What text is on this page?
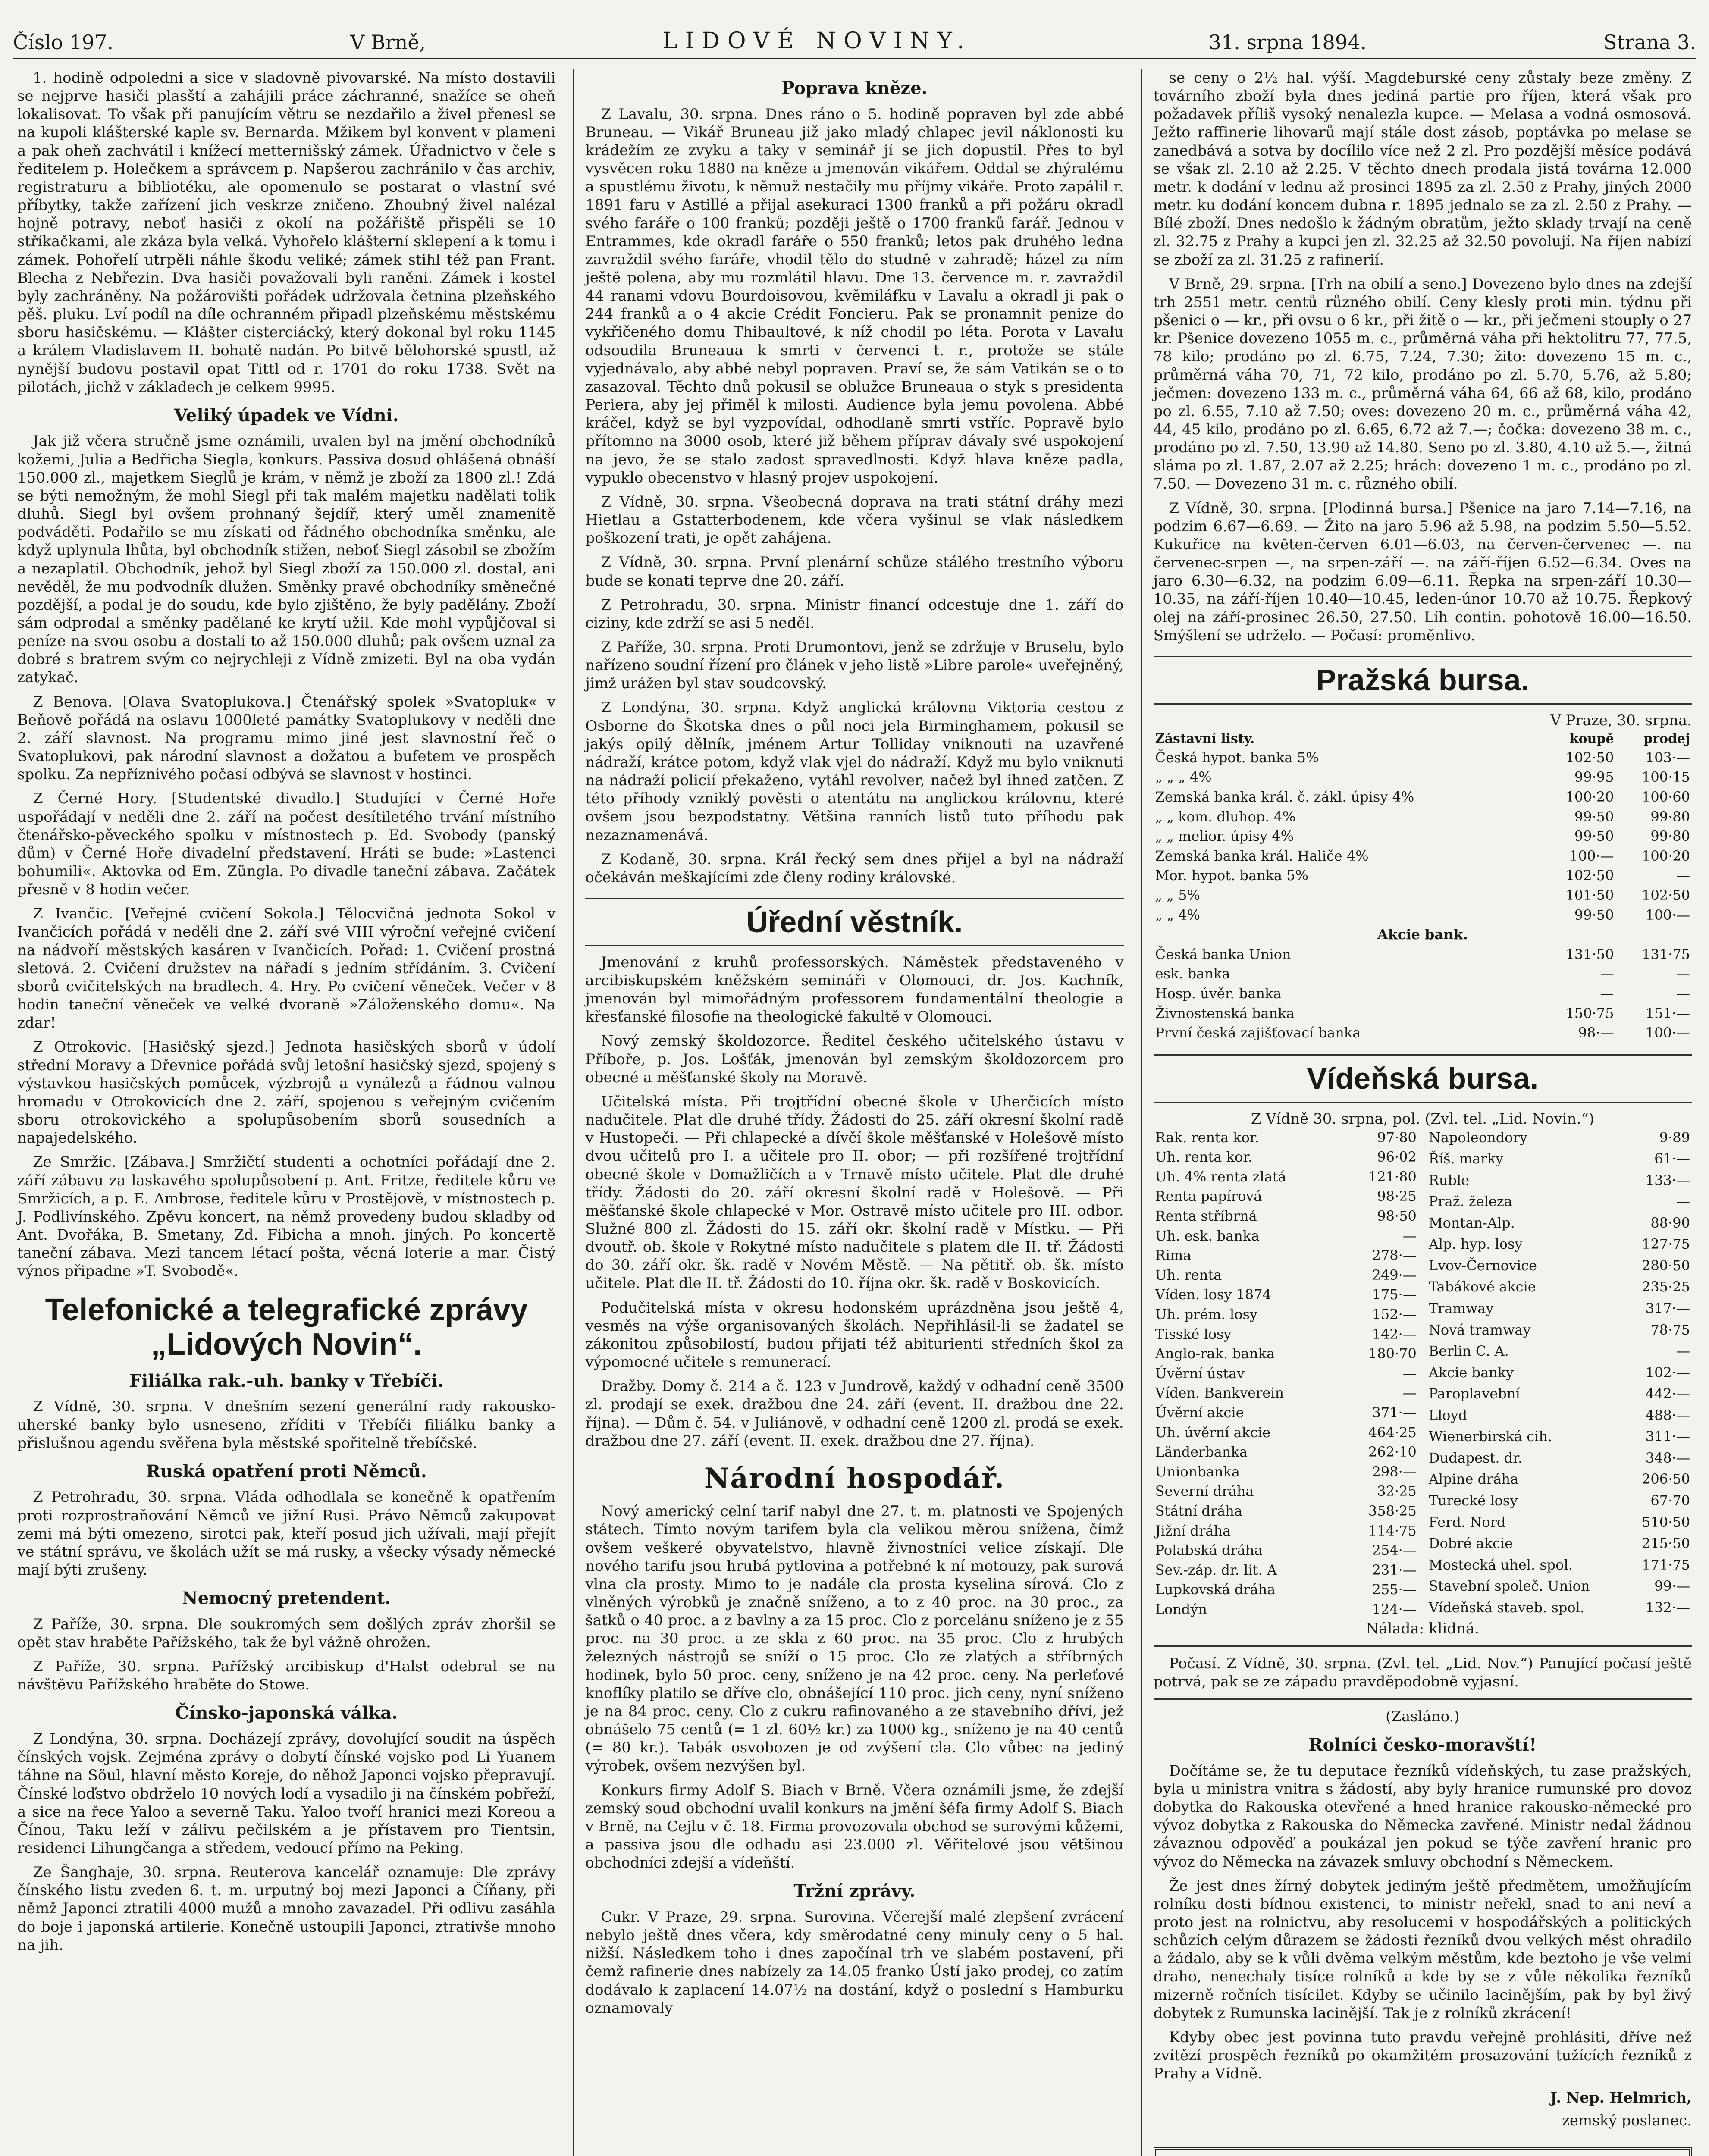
Číslo 197.	V Brně,	LIDOVÉ NOVINY.	31. srpna 1894.	Strana 3.

1. hodině odpoledni a sice v sladovně pivovarské. Na místo dostavili se nejprve hasiči plasští a zahájili práce záchranné, snažíce se oheň lokalisovat. To však při panujícím větru se nezdařilo a živel přenesl se na kupoli klášterské kaple sv. Bernarda. Mžikem byl konvent v plameni a pak oheň zachvátil i knížecí metternišský zámek. Úřadnictvo v čele s ředitelem p. Holečkem a správcem p. Napšerou zachránilo v čas archiv, registraturu a bibliotéku, ale opomenulo se postarat o vlastní své příbytky, takže zařízení jich veskrze zničeno. Zhoubný živel nalézal hojně potravy, neboť hasiči z okolí na požářiště přispěli se 10 stříkačkami, ale zkáza byla velká. Vyhořelo klášterní sklepení a k tomu i zámek. Pohořelí utrpěli náhle škodu veliké; zámek stihl též pan Frant. Blecha z Nebřezin. Dva hasiči považovali byli raněni. Zámek i kostel byly zachráněny. Na požárovišti pořádek udržovala četnina plzeňského pěš. pluku. Lví podíl na díle ochranném připadl plzeňskému městskému sboru hasičskému. — Klášter cisterciácký, který dokonal byl roku 1145 a králem Vladislavem II. bohatě nadán. Po bitvě bělohorské spustl, až nynější budovu postavil opat Tittl od r. 1701 do roku 1738. Svět na pilotách, jichž v základech je celkem 9995.

Veliký úpadek ve Vídni.

Jak již včera stručně jsme oznámili, uvalen byl na jmění obchodníků kožemi, Julia a Bedřicha Siegla, konkurs. Passiva dosud ohlášená obnáší 150.000 zl., majetkem Sieglů je krám, v němž je zboží za 1800 zl.! Zdá se býti nemožným, že mohl Siegl při tak malém majetku nadělati tolik dluhů. Siegl byl ovšem prohnaný šejdíř, který uměl znamenitě podváděti. Podařilo se mu získati od řádného obchodníka směnku, ale když uplynula lhůta, byl obchodník stižen, neboť Siegl zásobil se zbožím a nezaplatil. Obchodník, jehož byl Siegl zboží za 150.000 zl. dostal, ani nevěděl, že mu podvodník dlužen. Směnky pravé obchodníky směnečné pozdější, a podal je do soudu, kde bylo zjištěno, že byly padělány. Zboží sám odprodal a směnky padělané ke krytí užil. Kde mohl vypůjčoval si peníze na svou osobu a dostali to až 150.000 dluhů; pak ovšem uznal za dobré s bratrem svým co nejrychleji z Vídně zmizeti. Byl na oba vydán zatykač.

Z Benova. [Olava Svatoplukova.] Čtenářský spolek »Svatopluk« v Beňově pořádá na oslavu 1000leté památky Svatoplukovy v neděli dne 2. září slavnost. Na programu mimo jiné jest slavnostní řeč o Svatoplukovi, pak národní slavnost a dožatou a bufetem ve prospěch spolku. Za nepříznivého počasí odbývá se slavnost v hostinci.

Z Černé Hory. [Studentské divadlo.] Studující v Černé Hoře uspořádají v neděli dne 2. září na počest desítiletého trvání místního čtenářsko-pěveckého spolku v místnostech p. Ed. Svobody (panský dům) v Černé Hoře divadelní představení. Hráti se bude: »Lastenci bohumili«. Aktovka od Em. Züngla. Po divadle taneční zábava. Začátek přesně v 8 hodin večer.

Z Ivančic. [Veřejné cvičení Sokola.] Tělocvičná jednota Sokol v Ivančicích pořádá v neděli dne 2. září své VIII výroční veřejné cvičení na nádvoří městských kasáren v Ivančicích. Pořad: 1. Cvičení prostná sletová. 2. Cvičení družstev na nářadí s jedním střídáním. 3. Cvičení sborů cvičitelských na bradlech. 4. Hry. Po cvičení věneček. Večer v 8 hodin taneční věneček ve velké dvoraně »Záloženského domu«. Na zdar!

Z Otrokovic. [Hasičský sjezd.] Jednota hasičských sborů v údolí střední Moravy a Dřevnice pořádá svůj letošní hasičský sjezd, spojený s výstavkou hasičských pomůcek, výzbrojů a vynálezů a řádnou valnou hromadu v Otrokovicích dne 2. září, spojenou s veřejným cvičením sboru otrokovického a spolupůsobením sborů sousedních a napajedelského.

Ze Smržic. [Zábava.] Smržičtí studenti a ochotníci pořádají dne 2. září zábavu za laskavého spolupůsobení p. Ant. Fritze, ředitele kůru ve Smržicích, a p. E. Ambrose, ředitele kůru v Prostějově, v místnostech p. J. Podlivínského. Zpěvu koncert, na němž provedeny budou skladby od Ant. Dvořáka, B. Smetany, Zd. Fibicha a mnoh. jiných. Po koncertě taneční zábava. Mezi tancem létací pošta, věcná loterie a mar. Čistý výnos připadne »T. Svobodě«.

Telefonické a telegrafické zprávy „Lidových Novin“.
Filiálka rak.-uh. banky v Třebíči.

Z Vídně, 30. srpna. V dnešním sezení generální rady rakousko-uherské banky bylo usneseno, zříditi v Třebíči filiálku banky a přislušnou agendu svěřena byla městské spořitelně třebíčské.

Ruská opatření proti Němců.

Z Petrohradu, 30. srpna. Vláda odhodlala se konečně k opatřením proti rozprostraňování Němců ve jižní Rusi. Právo Němců zakupovat zemi má býti omezeno, sirotci pak, kteří posud jich užívali, mají přejít ve státní správu, ve školách užít se má rusky, a všecky výsady německé mají býti zrušeny.

Nemocný pretendent.

Z Paříže, 30. srpna. Dle soukromých sem došlých zpráv zhoršil se opět stav hraběte Pařížského, tak že byl vážně ohrožen.

Z Paříže, 30. srpna. Pařížský arcibiskup d'Halst odebral se na návštěvu Pařížského hraběte do Stowe.

Čínsko-japonská válka.

Z Londýna, 30. srpna. Docházejí zprávy, dovolující soudit na úspěch čínských vojsk. Zejména zprávy o dobytí čínské vojsko pod Li Yuanem táhne na Söul, hlavní město Koreje, do něhož Japonci vojsko přepravují. Čínské loďstvo obdrželo 10 nových lodí a vysadilo ji na čínském pobřeží, a sice na řece Yaloo a severně Taku. Yaloo tvoří hranici mezi Koreou a Čínou, Taku leží v zálivu pečilském a je přístavem pro Tientsin, residenci Lihungčanga a středem, vedoucí přímo na Peking.

Ze Šanghaje, 30. srpna. Reuterova kancelář oznamuje: Dle zprávy čínského listu zveden 6. t. m. urputný boj mezi Japonci a Číňany, při němž Japonci ztratili 4000 mužů a mnoho zavazadel. Při odlivu zasáhla do boje i japonská artilerie. Konečně ustoupili Japonci, ztrativše mnoho na jih.

Poprava kněze.

Z Lavalu, 30. srpna. Dnes ráno o 5. hodině popraven byl zde abbé Bruneau. — Vikář Bruneau již jako mladý chlapec jevil náklonosti ku krádežím ze zvyku a taky v seminář jí se jich dopustil. Přes to byl vysvěcen roku 1880 na kněze a jmenován vikářem. Oddal se zhýralému a spustlému životu, k němuž nestačily mu příjmy vikáře. Proto zapálil r. 1891 faru v Astillé a přijal asekuraci 1300 franků a při požáru okradl svého faráře o 100 franků; později ještě o 1700 franků farář. Jednou v Entrammes, kde okradl faráře o 550 franků; letos pak druhého ledna zavraždil svého faráře, vhodil tělo do studně v zahradě; házel za ním ještě polena, aby mu rozmlátil hlavu. Dne 13. července m. r. zavraždil 44 ranami vdovu Bourdoisovou, kvěmiláfku v Lavalu a okradl ji pak o 244 franků a o 4 akcie Crédit Foncieru. Pak se pronamnit penize do vykřičeného domu Thibaultové, k níž chodil po léta. Porota v Lavalu odsoudila Bruneaua k smrti v červenci t. r., protože se stále vyjednávalo, aby abbé nebyl popraven. Praví se, že sám Vatikán se o to zasazoval. Těchto dnů pokusil se oblužce Bruneaua o styk s presidenta Periera, aby jej přiměl k milosti. Audience byla jemu povolena. Abbé kráčel, když se byl vyzpovídal, odhodlaně smrti vstříc. Popravě bylo přítomno na 3000 osob, které již během příprav dávaly své uspokojení na jevo, že se stalo zadost spravedlnosti. Když hlava kněze padla, vypuklo obecenstvo v hlasný projev uspokojení.

Z Vídně, 30. srpna. Všeobecná doprava na trati státní dráhy mezi Hietlau a Gstatterbodenem, kde včera vyšinul se vlak následkem poškození trati, je opět zahájena.

Z Vídně, 30. srpna. První plenární schůze stálého trestního výboru bude se konati teprve dne 20. září.

Z Petrohradu, 30. srpna. Ministr financí odcestuje dne 1. září do ciziny, kde zdrží se asi 5 neděl.

Z Paříže, 30. srpna. Proti Drumontovi, jenž se zdržuje v Bruselu, bylo nařízeno soudní řízení pro článek v jeho listě »Libre parole« uveřejněný, jimž urážen byl stav soudcovský.

Z Londýna, 30. srpna. Když anglická královna Viktoria cestou z Osborne do Škotska dnes o půl noci jela Birminghamem, pokusil se jakýs opilý dělník, jménem Artur Tolliday vniknouti na uzavřené nádraží, krátce potom, když vlak vjel do nádraží. Když mu bylo vniknuti na nádraží policií překaženo, vytáhl revolver, načež byl ihned zatčen. Z této příhody vzniklý pověsti o atentátu na anglickou královnu, které ovšem jsou bezpodstatny. Většina ranních listů tuto příhodu pak nezaznamenává.

Z Kodaně, 30. srpna. Král řecký sem dnes přijel a byl na nádraží očekáván meškajícími zde členy rodiny královské.

Úřední věstník.

Jmenování z kruhů professorských. Náměstek představeného v arcibiskupském kněžském semináři v Olomouci, dr. Jos. Kachník, jmenován byl mimořádným professorem fundamentální theologie a křesťanské filosofie na theologické fakultě v Olomouci.

Nový zemský školdozorce. Ředitel českého učitelského ústavu v Příboře, p. Jos. Lošťák, jmenován byl zemským školdozorcem pro obecné a měšťanské školy na Moravě.

Učitelská místa. Při trojtřídní obecné škole v Uherčicích místo nadučitele. Plat dle druhé třídy. Žádosti do 25. září okresní školní radě v Hustopeči. — Při chlapecké a dívčí škole měšťanské v Holešově místo dvou učitelů pro I. a učitele pro II. obor; — při rozšířené trojtřídní obecné škole v Domažličích a v Trnavě místo učitele. Plat dle druhé třídy. Žádosti do 20. září okresní školní radě v Holešově. — Při měšťanské škole chlapecké v Mor. Ostravě místo učitele pro III. odbor. Služné 800 zl. Žádosti do 15. září okr. školní radě v Místku. — Při dvoutř. ob. škole v Rokytné místo nadučitele s platem dle II. tř. Žádosti do 30. září okr. šk. radě v Novém Městě. — Na pětitř. ob. šk. místo učitele. Plat dle II. tř. Žádosti do 10. října okr. šk. radě v Boskovicích.

Podučitelská místa v okresu hodonském uprázdněna jsou ještě 4, vesměs na výše organisovaných školách. Nepřihlásil-li se žadatel se zákonitou způsobilostí, budou přijati též abiturienti středních škol za výpomocné učitele s remunerací.

Dražby. Domy č. 214 a č. 123 v Jundrově, každý v odhadní ceně 3500 zl. prodají se exek. dražbou dne 24. září (event. II. dražbou dne 22. října). — Dům č. 54. v Juliánově, v odhadní ceně 1200 zl. prodá se exek. dražbou dne 27. září (event. II. exek. dražbou dne 27. října).

Národní hospodář.

Nový americký celní tarif nabyl dne 27. t. m. platnosti ve Spojených státech. Tímto novým tarifem byla cla velikou měrou snížena, čímž ovšem veškeré obyvatelstvo, hlavně živnostníci velice získají. Dle nového tarifu jsou hrubá pytlovina a potřebné k ní motouzy, pak surová vlna cla prosty. Mimo to je nadále cla prosta kyselina sírová. Clo z vlněných výrobků je značně sníženo, a to z 40 proc. na 30 proc., za šatků o 40 proc. a z bavlny a za 15 proc. Clo z porcelánu sníženo je z 55 proc. na 30 proc. a ze skla z 60 proc. na 35 proc. Clo z hrubých železných nástrojů se sníží o 15 proc. Clo ze zlatých a stříbrných hodinek, bylo 50 proc. ceny, sníženo je na 42 proc. ceny. Na perleťové knoflíky platilo se dříve clo, obnášející 110 proc. jich ceny, nyní sníženo je na 84 proc. ceny. Clo z cukru rafinovaného a ze stavebního dříví, jež obnášelo 75 centů (= 1 zl. 60½ kr.) za 1000 kg., sníženo je na 40 centů (= 80 kr.). Tabák osvobozen je od zvýšení cla. Clo vůbec na jediný výrobek, ovšem nezvýšen byl.

Konkurs firmy Adolf S. Biach v Brně. Včera oznámili jsme, že zdejší zemský soud obchodní uvalil konkurs na jmění šéfa firmy Adolf S. Biach v Brně, na Cejlu v č. 18. Firma provozovala obchod se surovými kůžemi, a passiva jsou dle odhadu asi 23.000 zl. Věřitelové jsou většinou obchodníci zdejší a vídeňští.

Tržní zprávy.

Cukr. V Praze, 29. srpna. Surovina. Včerejší malé zlepšení zvrácení nebylo ještě dnes včera, kdy směrodatné ceny minuly ceny o 5 hal. nižší. Následkem toho i dnes započínal trh ve slabém postavení, při čemž rafinerie dnes nabízely za 14.05 franko Ústí jako prodej, co zatím dodávalo k zaplacení 14.07½ na dostání, když o poslední s Hamburku oznamovaly

se ceny o 2½ hal. výší. Magdeburské ceny zůstaly beze změny. Z továrního zboží byla dnes jediná partie pro říjen, která však pro požadavek příliš vysoký nenalezla kupce. — Melasa a vodná osmosová. Ježto raffinerie lihovarů mají stále dost zásob, poptávka po melase se zanedbává a sotva by docílilo více než 2 zl. Pro pozdější měsíce podává se však zl. 2.10 až 2.25. V těchto dnech prodala jistá továrna 12.000 metr. k dodání v lednu až prosinci 1895 za zl. 2.50 z Prahy, jiných 2000 metr. ku dodání koncem dubna r. 1895 jednalo se za zl. 2.50 z Prahy. — Bílé zboží. Dnes nedošlo k žádným obratům, ježto sklady trvají na ceně zl. 32.75 z Prahy a kupci jen zl. 32.25 až 32.50 povolují. Na říjen nabízí se zboží za zl. 31.25 z rafinerií.

V Brně, 29. srpna. [Trh na obilí a seno.] Dovezeno bylo dnes na zdejší trh 2551 metr. centů různého obilí. Ceny klesly proti min. týdnu při pšenici o — kr., při ovsu o 6 kr., při žitě o — kr., při ječmeni stouply o 27 kr. Pšenice dovezeno 1055 m. c., průměrná váha při hektolitru 77, 77.5, 78 kilo; prodáno po zl. 6.75, 7.24, 7.30; žito: dovezeno 15 m. c., průměrná váha 70, 71, 72 kilo, prodáno po zl. 5.70, 5.76, až 5.80; ječmen: dovezeno 133 m. c., průměrná váha 64, 66 až 68, kilo, prodáno po zl. 6.55, 7.10 až 7.50; oves: dovezeno 20 m. c., průměrná váha 42, 44, 45 kilo, prodáno po zl. 6.65, 6.72 až 7.—; čočka: dovezeno 38 m. c., prodáno po zl. 7.50, 13.90 až 14.80. Seno po zl. 3.80, 4.10 až 5.—, žitná sláma po zl. 1.87, 2.07 až 2.25; hrách: dovezeno 1 m. c., prodáno po zl. 7.50. — Dovezeno 31 m. c. různého obilí.

Z Vídně, 30. srpna. [Plodinná bursa.] Pšenice na jaro 7.14—7.16, na podzim 6.67—6.69. — Žito na jaro 5.96 až 5.98, na podzim 5.50—5.52. Kukuřice na květen-červen 6.01—6.03, na červen-červenec —. na červenec-srpen —, na srpen-září —. na září-říjen 6.52—6.34. Oves na jaro 6.30—6.32, na podzim 6.09—6.11. Řepka na srpen-září 10.30—10.35, na září-říjen 10.40—10.45, leden-únor 10.70 až 10.75. Řepkový olej na září-prosinec 26.50, 27.50. Líh contin. pohotově 16.00—16.50. Smýšlení se udrželo. — Počasí: proměnlivo.

Pražská bursa.
V Praze, 30. srpna.
Zástavní listy.	koupě	prodej
Česká hypot. banka 5%	102·50	103·—
„ „ „ 4%	99·95	100·15
Zemská banka král. č. zákl. úpisy 4%	100·20	100·60
„ „ kom. dluhop. 4%	99·50	99·80
„ „ melior. úpisy 4%	99·50	99·80
Zemská banka král. Haliče 4%	100·—	100·20
Mor. hypot. banka 5%	102·50	—
„ „ 5%	101·50	102·50
„ „ 4%	99·50	100·—
Akcie bank.		
Česká banka Union	131·50	131·75
esk. banka	—	—
Hosp. úvěr. banka	—	—
Živnostenská banka	150·75	151·—
První česká zajišťovací banka	98·—	100·—
Vídeňská bursa.
Z Vídně 30. srpna, pol. (Zvl. tel. „Lid. Novin.“)
Rak. renta kor.	97·80
Uh. renta kor.	96·02
Uh. 4% renta zlatá	121·80
Renta papírová	98·25
Renta stříbrná	98·50
Uh. esk. banka	—
Rima	278·—
Uh. renta	249·—
Víden. losy 1874	175·—
Uh. prém. losy	152·—
Tisské losy	142·—
Anglo-rak. banka	180·70
Úvěrní ústav	—
Víden. Bankverein	—
Úvěrní akcie	371·—
Uh. úvěrní akcie	464·25
Länderbanka	262·10
Unionbanka	298·—
Severní dráha	32·25
Státní dráha	358·25
Jižní dráha	114·75
Polabská dráha	254·—
Sev.-záp. dr. lit. A	231·—
Lupkovská dráha	255·—
Londýn	124·—
Napoleondory	9·89
Říš. marky	61·—
Ruble	133·—
Praž. železa	—
Montan-Alp.	88·90
Alp. hyp. losy	127·75
Lvov-Černovice	280·50
Tabákové akcie	235·25
Tramway	317·—
Nová tramway	78·75
Berlin C. A.	—
Akcie banky	102·—
Paroplavební	442·—
Lloyd	488·—
Wienerbirská cih.	311·—
Dudapest. dr.	348·—
Alpine dráha	206·50
Turecké losy	67·70
Ferd. Nord	510·50
Dobré akcie	215·50
Mostecká uhel. spol.	171·75
Stavební společ. Union	99·—
Vídeňská staveb. spol.	132·—
Nálada: klidná.

Počasí. Z Vídně, 30. srpna. (Zvl. tel. „Lid. Nov.“) Panující počasí ještě potrvá, pak se ze západu pravděpodobně vyjasní.

(Zasláno.)
Rolníci česko-moravští!

Dočítáme se, že tu deputace řezníků vídeňských, tu zase pražských, byla u ministra vnitra s žádostí, aby byly hranice rumunské pro dovoz dobytka do Rakouska otevřené a hned hranice rakousko-německé pro vývoz dobytka z Rakouska do Německa zavřené. Ministr nedal žádnou závaznou odpověď a poukázal jen pokud se týče zavření hranic pro vývoz do Německa na závazek smluvy obchodní s Německem.

Že jest dnes žírný dobytek jediným ještě předmětem, umožňujícím rolníku dosti bídnou existenci, to ministr neřekl, snad to ani neví a proto jest na rolnictvu, aby resolucemi v hospodářských a politických schůzích celým důrazem se žádosti řezníků dvou velkých měst ohradilo a žádalo, aby se k vůli dvěma velkým městům, kde beztoho je vše velmi draho, nenechaly tisíce rolníků a kde by se z vůle několika řezníků mizerně ročních tisícilet. Kdyby se učinilo lacinějším, pak by byl živý dobytek z Rumunska lacinější. Tak je z rolníků zkrácení!

Kdyby obec jest povinna tuto pravdu veřejně prohlásiti, dříve než zvítězí prospěch řezníků po okamžitém prosazování tužících řezníků z Prahy a Vídně.

J. Nep. Helmrich,
zemský poslanec.
